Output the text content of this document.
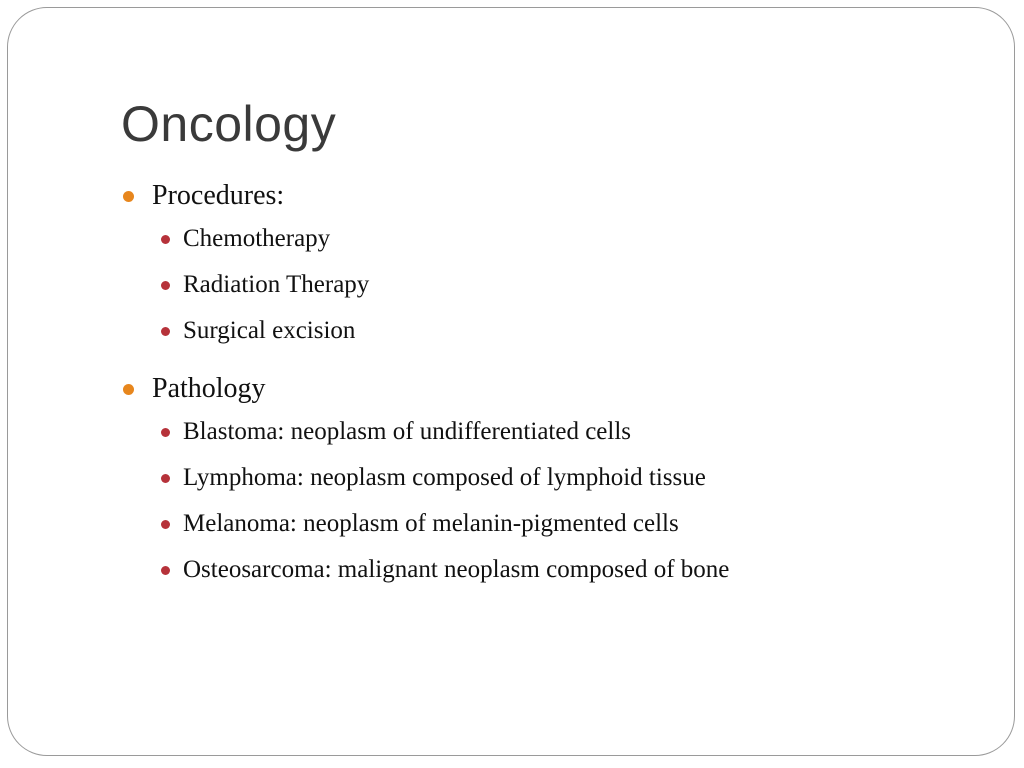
Oncology
Procedures:
Chemotherapy
Radiation Therapy
Surgical excision
Pathology
Blastoma: neoplasm of undifferentiated cells
Lymphoma: neoplasm composed of lymphoid tissue
Melanoma: neoplasm of melanin-pigmented cells
Osteosarcoma: malignant neoplasm composed of bone
